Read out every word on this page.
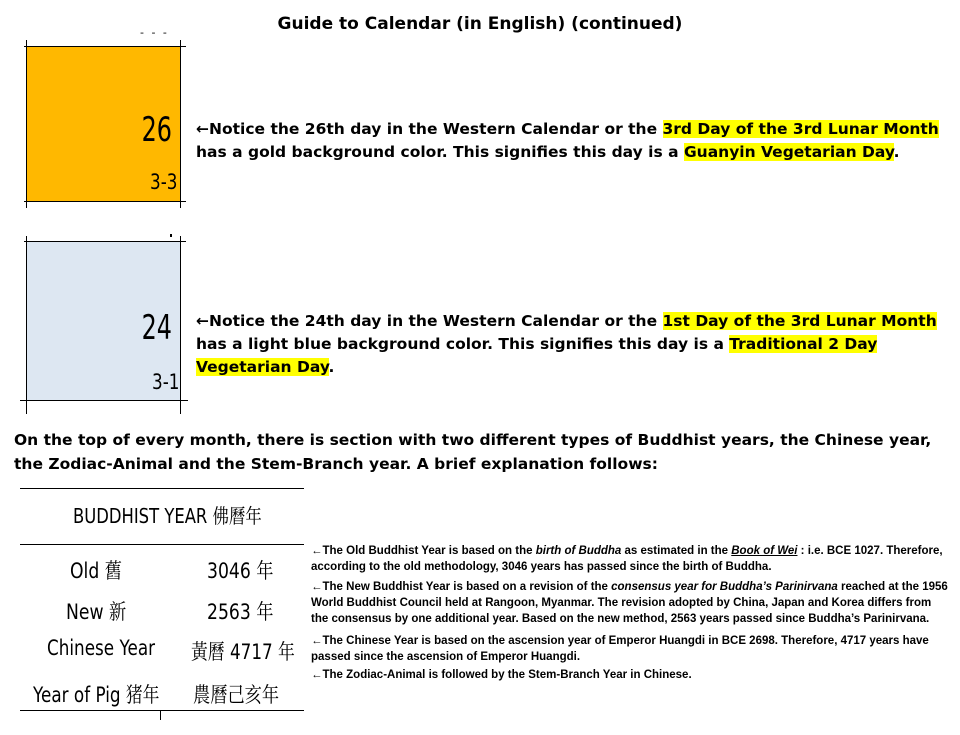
Guide to Calendar (in English) (continued)
- - -
26
3-3
←Notice the 26th day in the Western Calendar or the 3rd Day of the 3rd Lunar Month has a gold background color. This signifies this day is a Guanyin Vegetarian Day.
24
3-1
←Notice the 24th day in the Western Calendar or the 1st Day of the 3rd Lunar Month has a light blue background color. This signifies this day is a Traditional 2 Day Vegetarian Day.
On the top of every month, there is section with two different types of Buddhist years, the Chinese year, the Zodiac-Animal and the Stem-Branch year. A brief explanation follows:
BUDDHIST YEAR 佛曆年
Old 舊	3046 年
New 新	2563 年
Chinese Year 黃曆 4717 年
Year of Pig 猪年 農曆己亥年

←The Old Buddhist Year is based on the birth of Buddha as estimated in the Book of Wei : i.e. BCE 1027. Therefore, according to the old methodology, 3046 years has passed since the birth of Buddha.

←The New Buddhist Year is based on a revision of the consensus year for Buddha’s Parinirvana reached at the 1956 World Buddhist Council held at Rangoon, Myanmar. The revision adopted by China, Japan and Korea differs from the consensus by one additional year. Based on the new method, 2563 years passed since Buddha’s Parinirvana.

←The Chinese Year is based on the ascension year of Emperor Huangdi in BCE 2698. Therefore, 4717 years have passed since the ascension of Emperor Huangdi.

←The Zodiac-Animal is followed by the Stem-Branch Year in Chinese.
